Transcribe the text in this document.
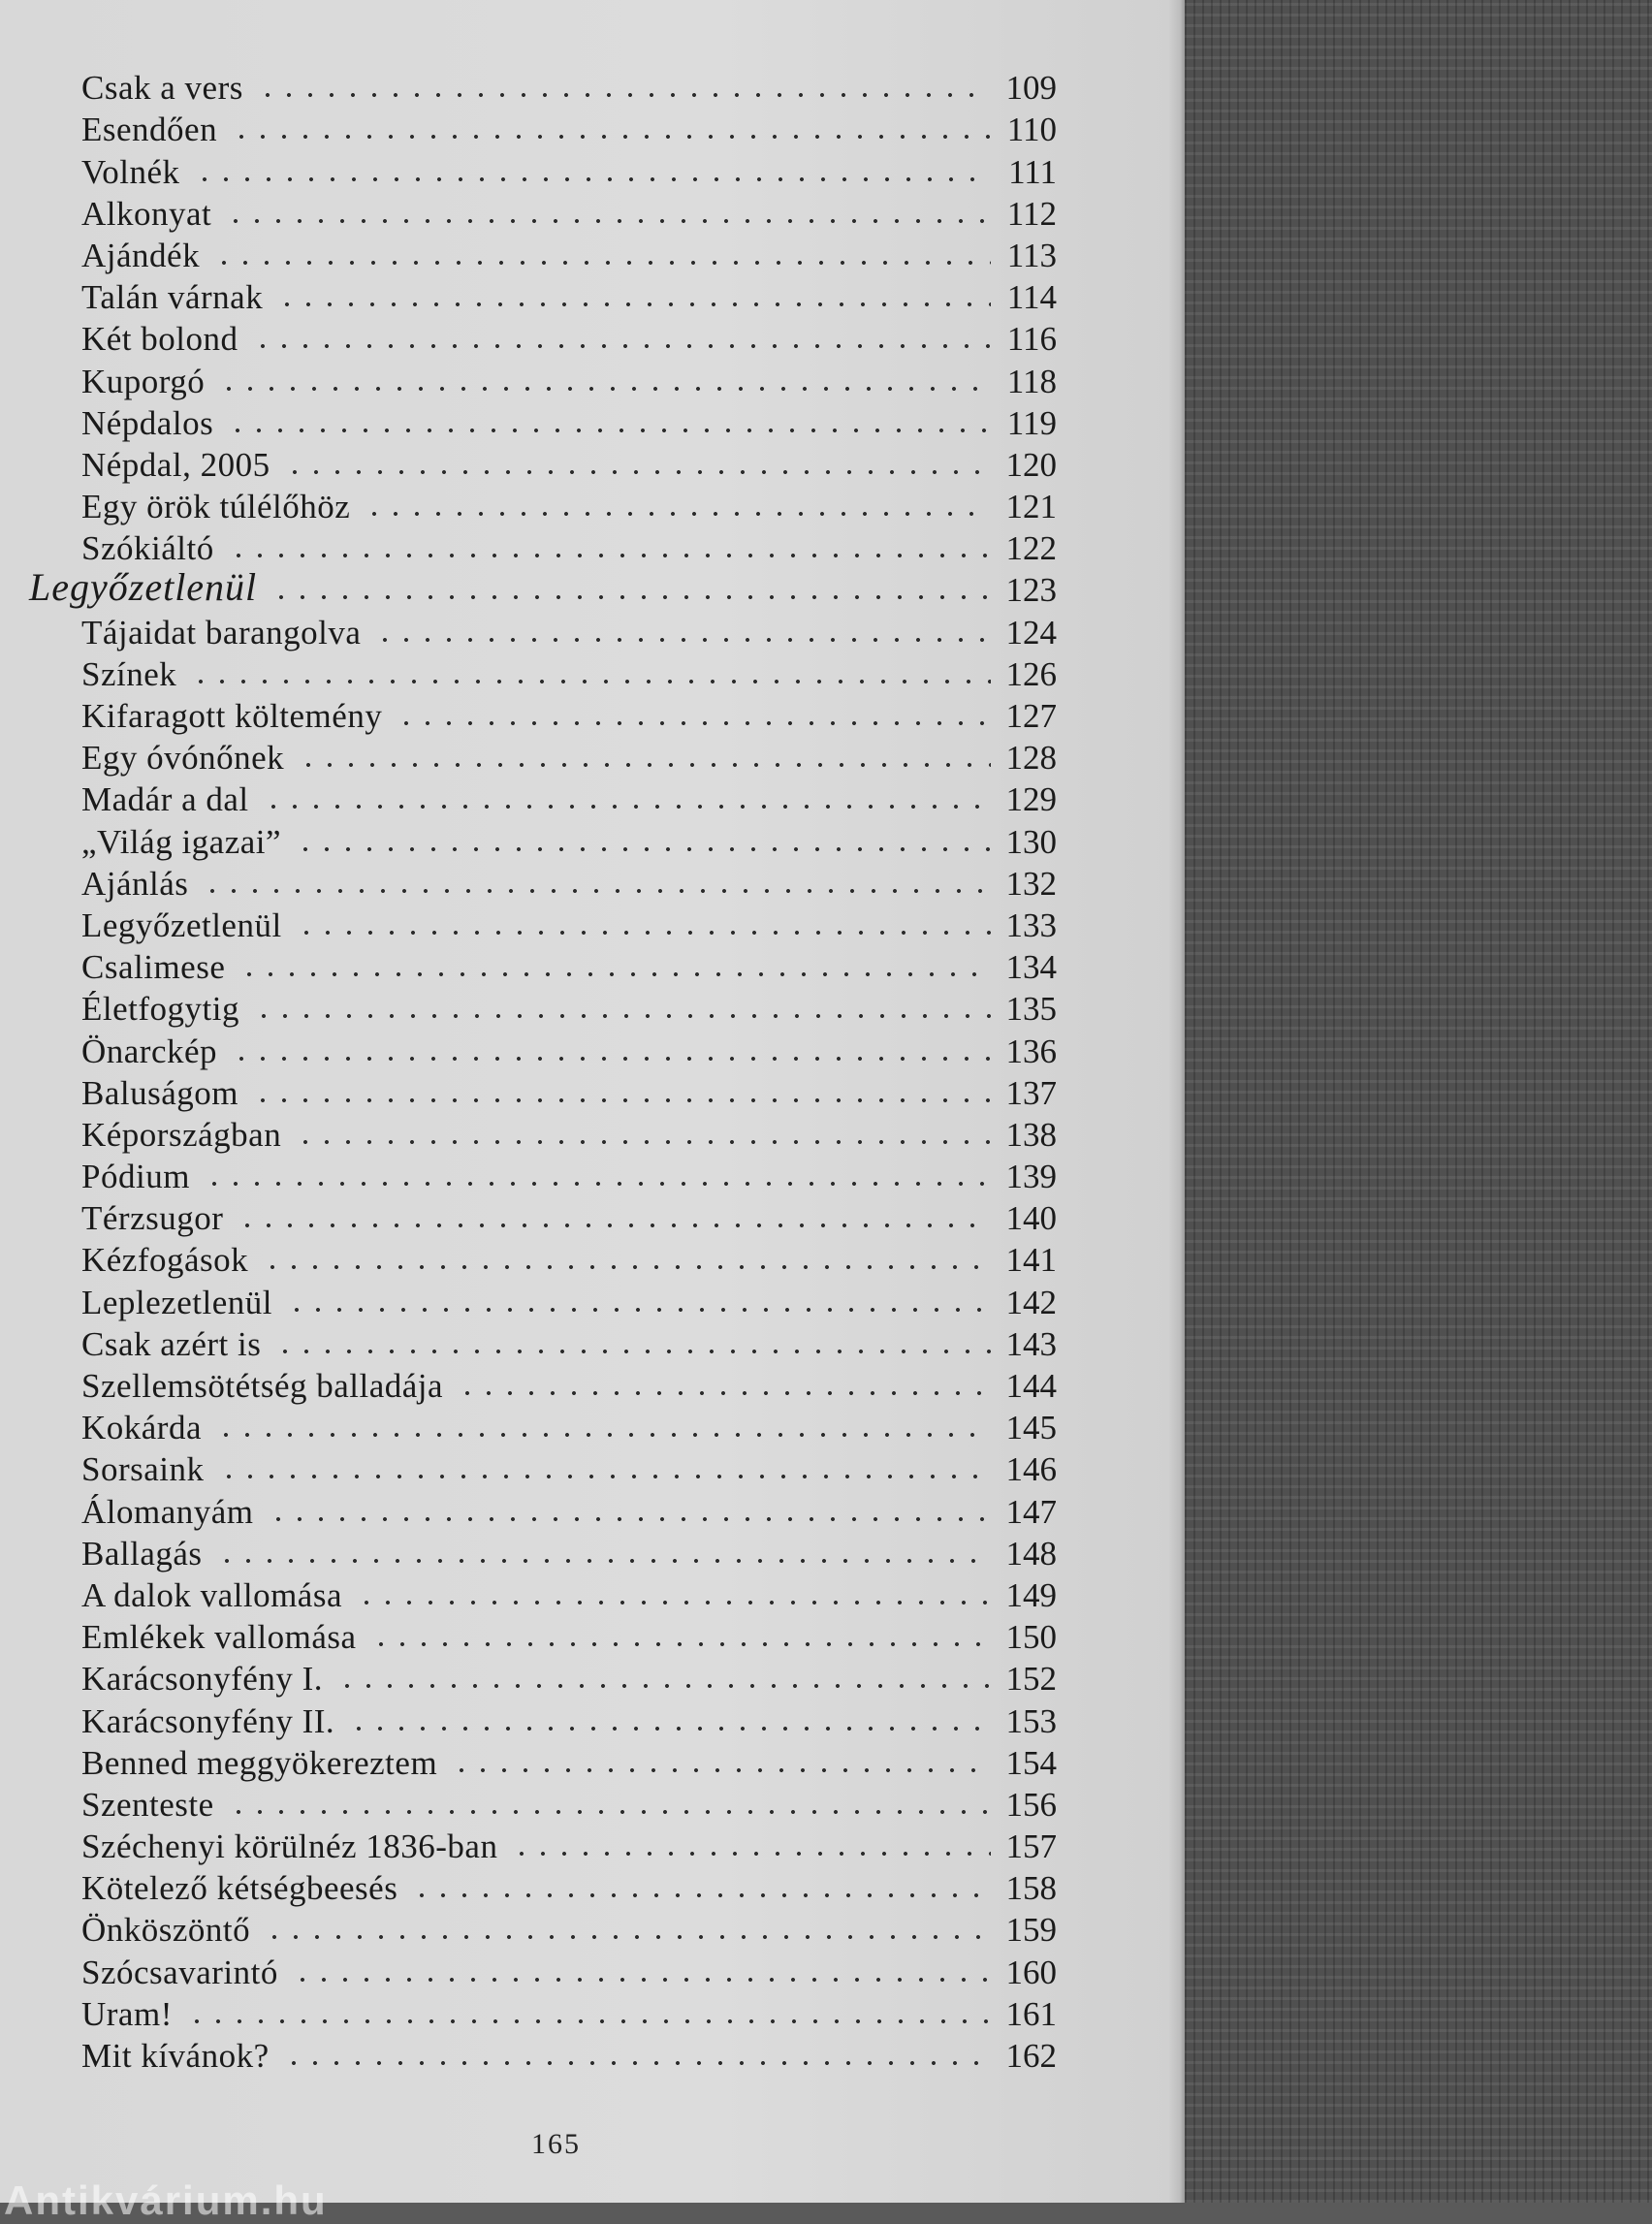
Csak a vers	109
Esendően	110
Volnék	111
Alkonyat	112
Ajándék	113
Talán várnak	114
Két bolond	116
Kuporgó	118
Népdalos	119
Népdal, 2005	120
Egy örök túlélőhöz	121
Szókiáltó	122
Legyőzetlenül	123
Tájaidat barangolva	124
Színek	126
Kifaragott költemény	127
Egy óvónőnek	128
Madár a dal	129
„Világ igazai”	130
Ajánlás	132
Legyőzetlenül	133
Csalimese	134
Életfogytig	135
Önarckép	136
Baluságom	137
Képországban	138
Pódium	139
Térzsugor	140
Kézfogások	141
Leplezetlenül	142
Csak azért is	143
Szellemsötétség balladája	144
Kokárda	145
Sorsaink	146
Álomanyám	147
Ballagás	148
A dalok vallomása	149
Emlékek vallomása	150
Karácsonyfény I.	152
Karácsonyfény II.	153
Benned meggyökereztem	154
Szenteste	156
Széchenyi körülnéz 1836-ban	157
Kötelező kétségbeesés	158
Önköszöntő	159
Szócsavarintó	160
Uram!	161
Mit kívánok?	162
165
Antikvárium.hu
